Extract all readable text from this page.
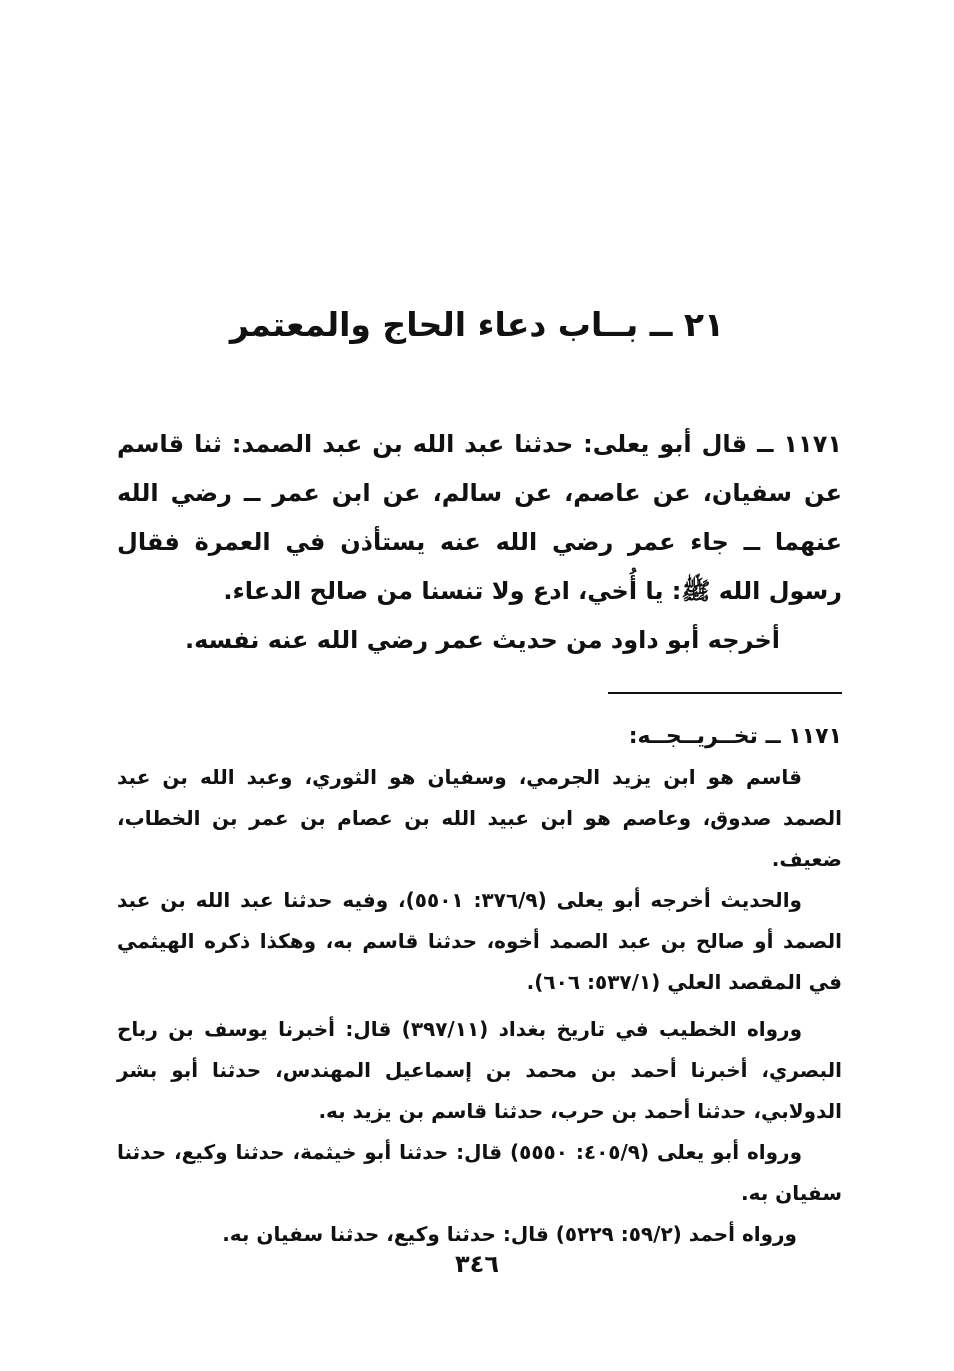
٢١ ــ بــاب دعاء الحاج والمعتمر

١١٧١ ــ قال أبو يعلى: حدثنا عبد الله بن عبد الصمد: ثنا قاسم عن سفيان، عن عاصم، عن سالم، عن ابن عمر ــ رضي الله عنهما ــ جاء عمر رضي الله عنه يستأذن في العمرة فقال رسول الله ﷺ: يا أُخي، ادع ولا تنسنا من صالح الدعاء.

أخرجه أبو داود من حديث عمر رضي الله عنه نفسه.

١١٧١ ــ تخــريــجــه:

قاسم هو ابن يزيد الجرمي، وسفيان هو الثوري، وعبد الله بن عبد الصمد صدوق، وعاصم هو ابن عبيد الله بن عصام بن عمر بن الخطاب، ضعيف.

والحديث أخرجه أبو يعلى (٣٧٦/٩: ٥٥٠١)، وفيه حدثنا عبد الله بن عبد الصمد أو صالح بن عبد الصمد أخوه، حدثنا قاسم به، وهكذا ذكره الهيثمي في المقصد العلي (٥٣٧/١: ٦٠٦).

ورواه الخطيب في تاريخ بغداد (٣٩٧/١١) قال: أخبرنا يوسف بن رباح البصري، أخبرنا أحمد بن محمد بن إسماعيل المهندس، حدثنا أبو بشر الدولابي، حدثنا أحمد بن حرب، حدثنا قاسم بن يزيد به.

ورواه أبو يعلى (٤٠٥/٩: ٥٥٥٠) قال: حدثنا أبو خيثمة، حدثنا وكيع، حدثنا سفيان به.

ورواه أحمد (٥٩/٢: ٥٢٢٩) قال: حدثنا وكيع، حدثنا سفيان به.

٣٤٦
